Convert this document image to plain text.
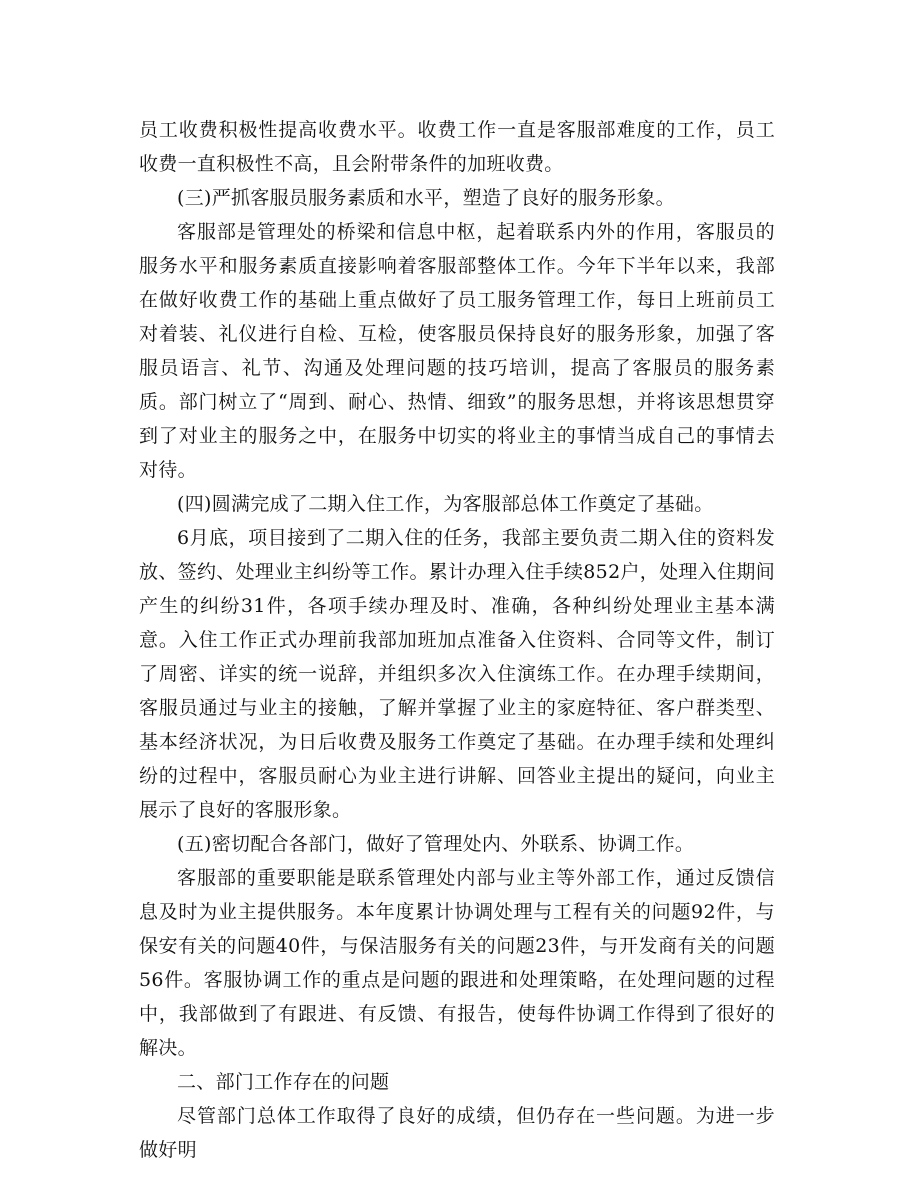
员工收费积极性提高收费水平。收费工作一直是客服部难度的工作，员工收费一直积极性不高，且会附带条件的加班收费。

(三)严抓客服员服务素质和水平，塑造了良好的服务形象。

客服部是管理处的桥梁和信息中枢，起着联系内外的作用，客服员的服务水平和服务素质直接影响着客服部整体工作。今年下半年以来，我部在做好收费工作的基础上重点做好了员工服务管理工作，每日上班前员工对着装、礼仪进行自检、互检，使客服员保持良好的服务形象，加强了客服员语言、礼节、沟通及处理问题的技巧培训，提高了客服员的服务素质。部门树立了“周到、耐心、热情、细致”的服务思想，并将该思想贯穿到了对业主的服务之中，在服务中切实的将业主的事情当成自己的事情去对待。

(四)圆满完成了二期入住工作，为客服部总体工作奠定了基础。

6月底，项目接到了二期入住的任务，我部主要负责二期入住的资料发放、签约、处理业主纠纷等工作。累计办理入住手续852户，处理入住期间产生的纠纷31件，各项手续办理及时、准确，各种纠纷处理业主基本满意。入住工作正式办理前我部加班加点准备入住资料、合同等文件，制订了周密、详实的统一说辞，并组织多次入住演练工作。在办理手续期间，客服员通过与业主的接触，了解并掌握了业主的家庭特征、客户群类型、基本经济状况，为日后收费及服务工作奠定了基础。在办理手续和处理纠纷的过程中，客服员耐心为业主进行讲解、回答业主提出的疑问，向业主展示了良好的客服形象。

(五)密切配合各部门，做好了管理处内、外联系、协调工作。

客服部的重要职能是联系管理处内部与业主等外部工作，通过反馈信息及时为业主提供服务。本年度累计协调处理与工程有关的问题92件，与保安有关的问题40件，与保洁服务有关的问题23件，与开发商有关的问题56件。客服协调工作的重点是问题的跟进和处理策略，在处理问题的过程中，我部做到了有跟进、有反馈、有报告，使每件协调工作得到了很好的解决。

二、部门工作存在的问题

尽管部门总体工作取得了良好的成绩，但仍存在一些问题。为进一步做好明
